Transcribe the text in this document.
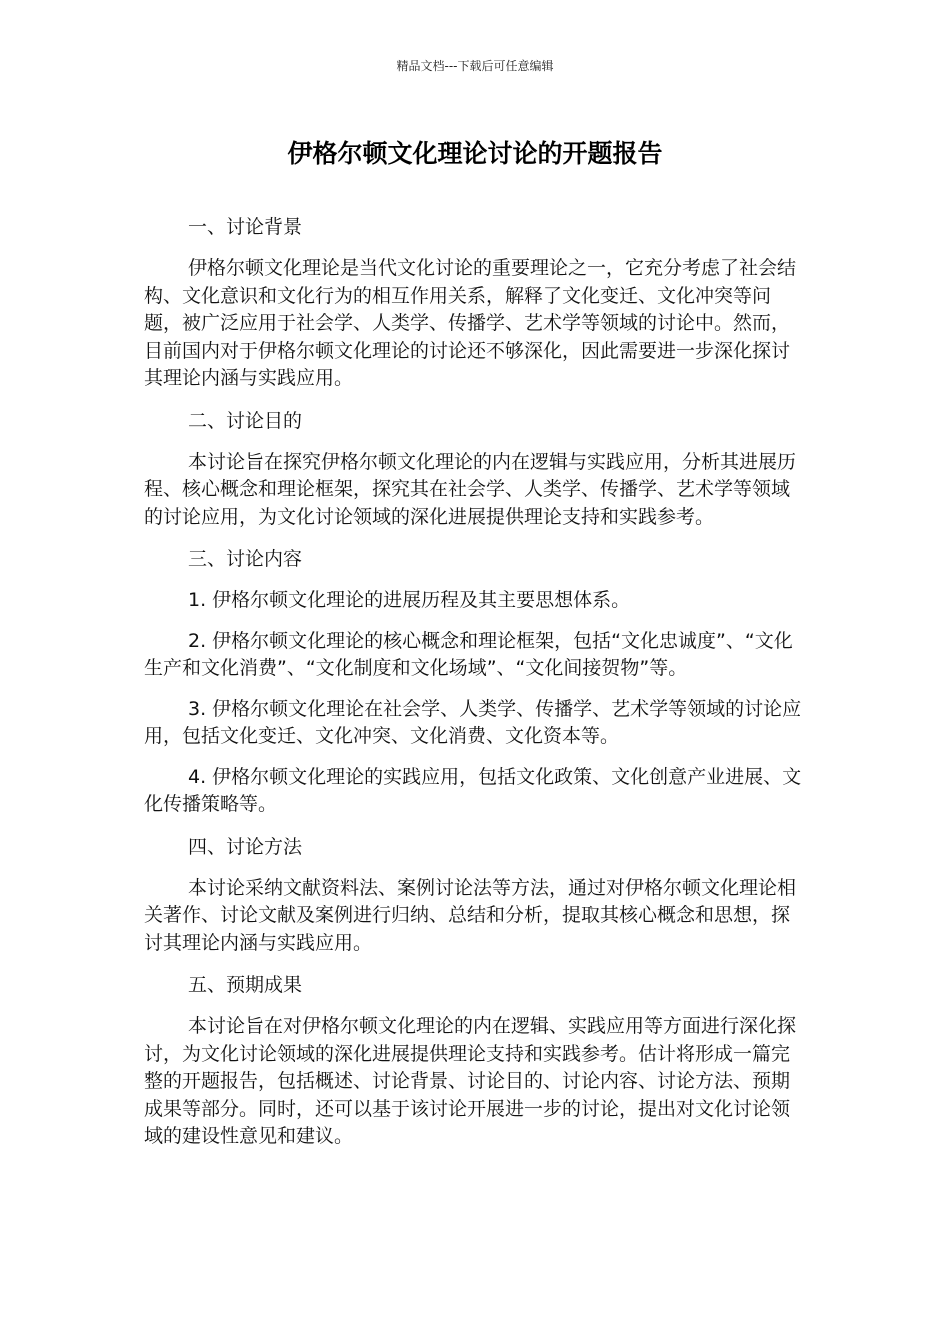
精品文档---下载后可任意编辑
伊格尔顿文化理论讨论的开题报告
一、讨论背景

伊格尔顿文化理论是当代文化讨论的重要理论之一，它充分考虑了社会结构、文化意识和文化行为的相互作用关系，解释了文化变迁、文化冲突等问题，被广泛应用于社会学、人类学、传播学、艺术学等领域的讨论中。然而，目前国内对于伊格尔顿文化理论的讨论还不够深化，因此需要进一步深化探讨其理论内涵与实践应用。

二、讨论目的

本讨论旨在探究伊格尔顿文化理论的内在逻辑与实践应用，分析其进展历程、核心概念和理论框架，探究其在社会学、人类学、传播学、艺术学等领域的讨论应用，为文化讨论领域的深化进展提供理论支持和实践参考。

三、讨论内容

1. 伊格尔顿文化理论的进展历程及其主要思想体系。

2. 伊格尔顿文化理论的核心概念和理论框架，包括“文化忠诚度”、“文化生产和文化消费”、“文化制度和文化场域”、“文化间接贺物”等。

3. 伊格尔顿文化理论在社会学、人类学、传播学、艺术学等领域的讨论应用，包括文化变迁、文化冲突、文化消费、文化资本等。

4. 伊格尔顿文化理论的实践应用，包括文化政策、文化创意产业进展、文化传播策略等。

四、讨论方法

本讨论采纳文献资料法、案例讨论法等方法，通过对伊格尔顿文化理论相关著作、讨论文献及案例进行归纳、总结和分析，提取其核心概念和思想，探讨其理论内涵与实践应用。

五、预期成果

本讨论旨在对伊格尔顿文化理论的内在逻辑、实践应用等方面进行深化探讨，为文化讨论领域的深化进展提供理论支持和实践参考。估计将形成一篇完整的开题报告，包括概述、讨论背景、讨论目的、讨论内容、讨论方法、预期成果等部分。同时，还可以基于该讨论开展进一步的讨论，提出对文化讨论领域的建设性意见和建议。
